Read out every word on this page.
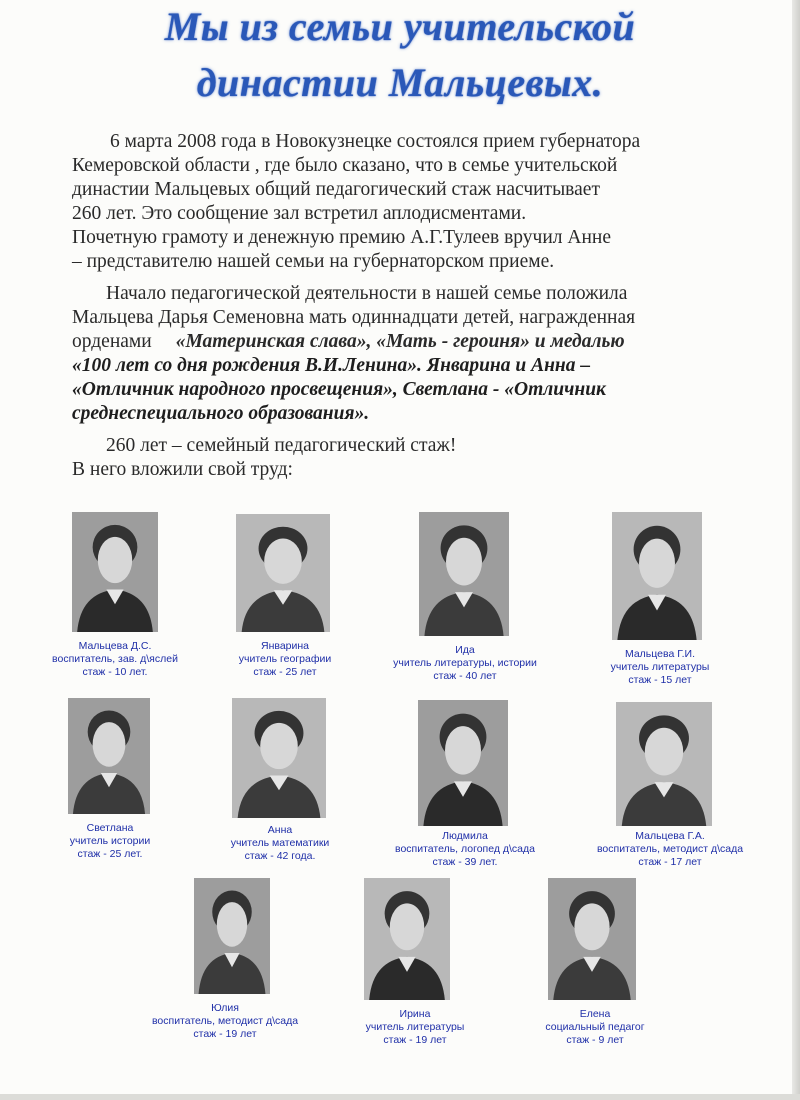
Мы из семьи учительской
династии Мальцевых.
6 марта 2008 года в Новокузнецке состоялся прием губернатора
Кемеровской области , где было сказано, что в семье учительской
династии Мальцевых общий педагогический стаж насчитывает
260 лет. Это сообщение зал встретил аплодисментами.
Почетную грамоту и денежную премию А.Г.Тулеев вручил Анне
– представителю нашей семьи на губернаторском приеме.
Начало педагогической деятельности в нашей семье положила
Мальцева Дарья Семеновна мать одиннадцати детей, награжденная
орденами «Материнская слава», «Мать - героиня» и медалью
«100 лет со дня рождения В.И.Ленина». Январина и Анна –
«Отличник народного просвещения», Светлана - «Отличник
среднеспециального образования».
260 лет – семейный педагогический стаж!
В него вложили свой труд:
Мальцева Д.С.
воспитатель, зав. д\яслей
стаж - 10 лет.
Январина
учитель географии
стаж - 25 лет
Ида
учитель литературы, истории
стаж - 40 лет
Мальцева Г.И.
учитель литературы
стаж - 15 лет
Светлана
учитель истории
стаж - 25 лет.
Анна
учитель математики
стаж - 42 года.
Людмила
воспитатель, логопед д\сада
стаж - 39 лет.
Мальцева Г.А.
воспитатель, методист д\сада
стаж - 17 лет
Юлия
воспитатель, методист д\сада
стаж - 19 лет
Ирина
учитель литературы
стаж - 19 лет
Елена
социальный педагог
стаж - 9 лет
